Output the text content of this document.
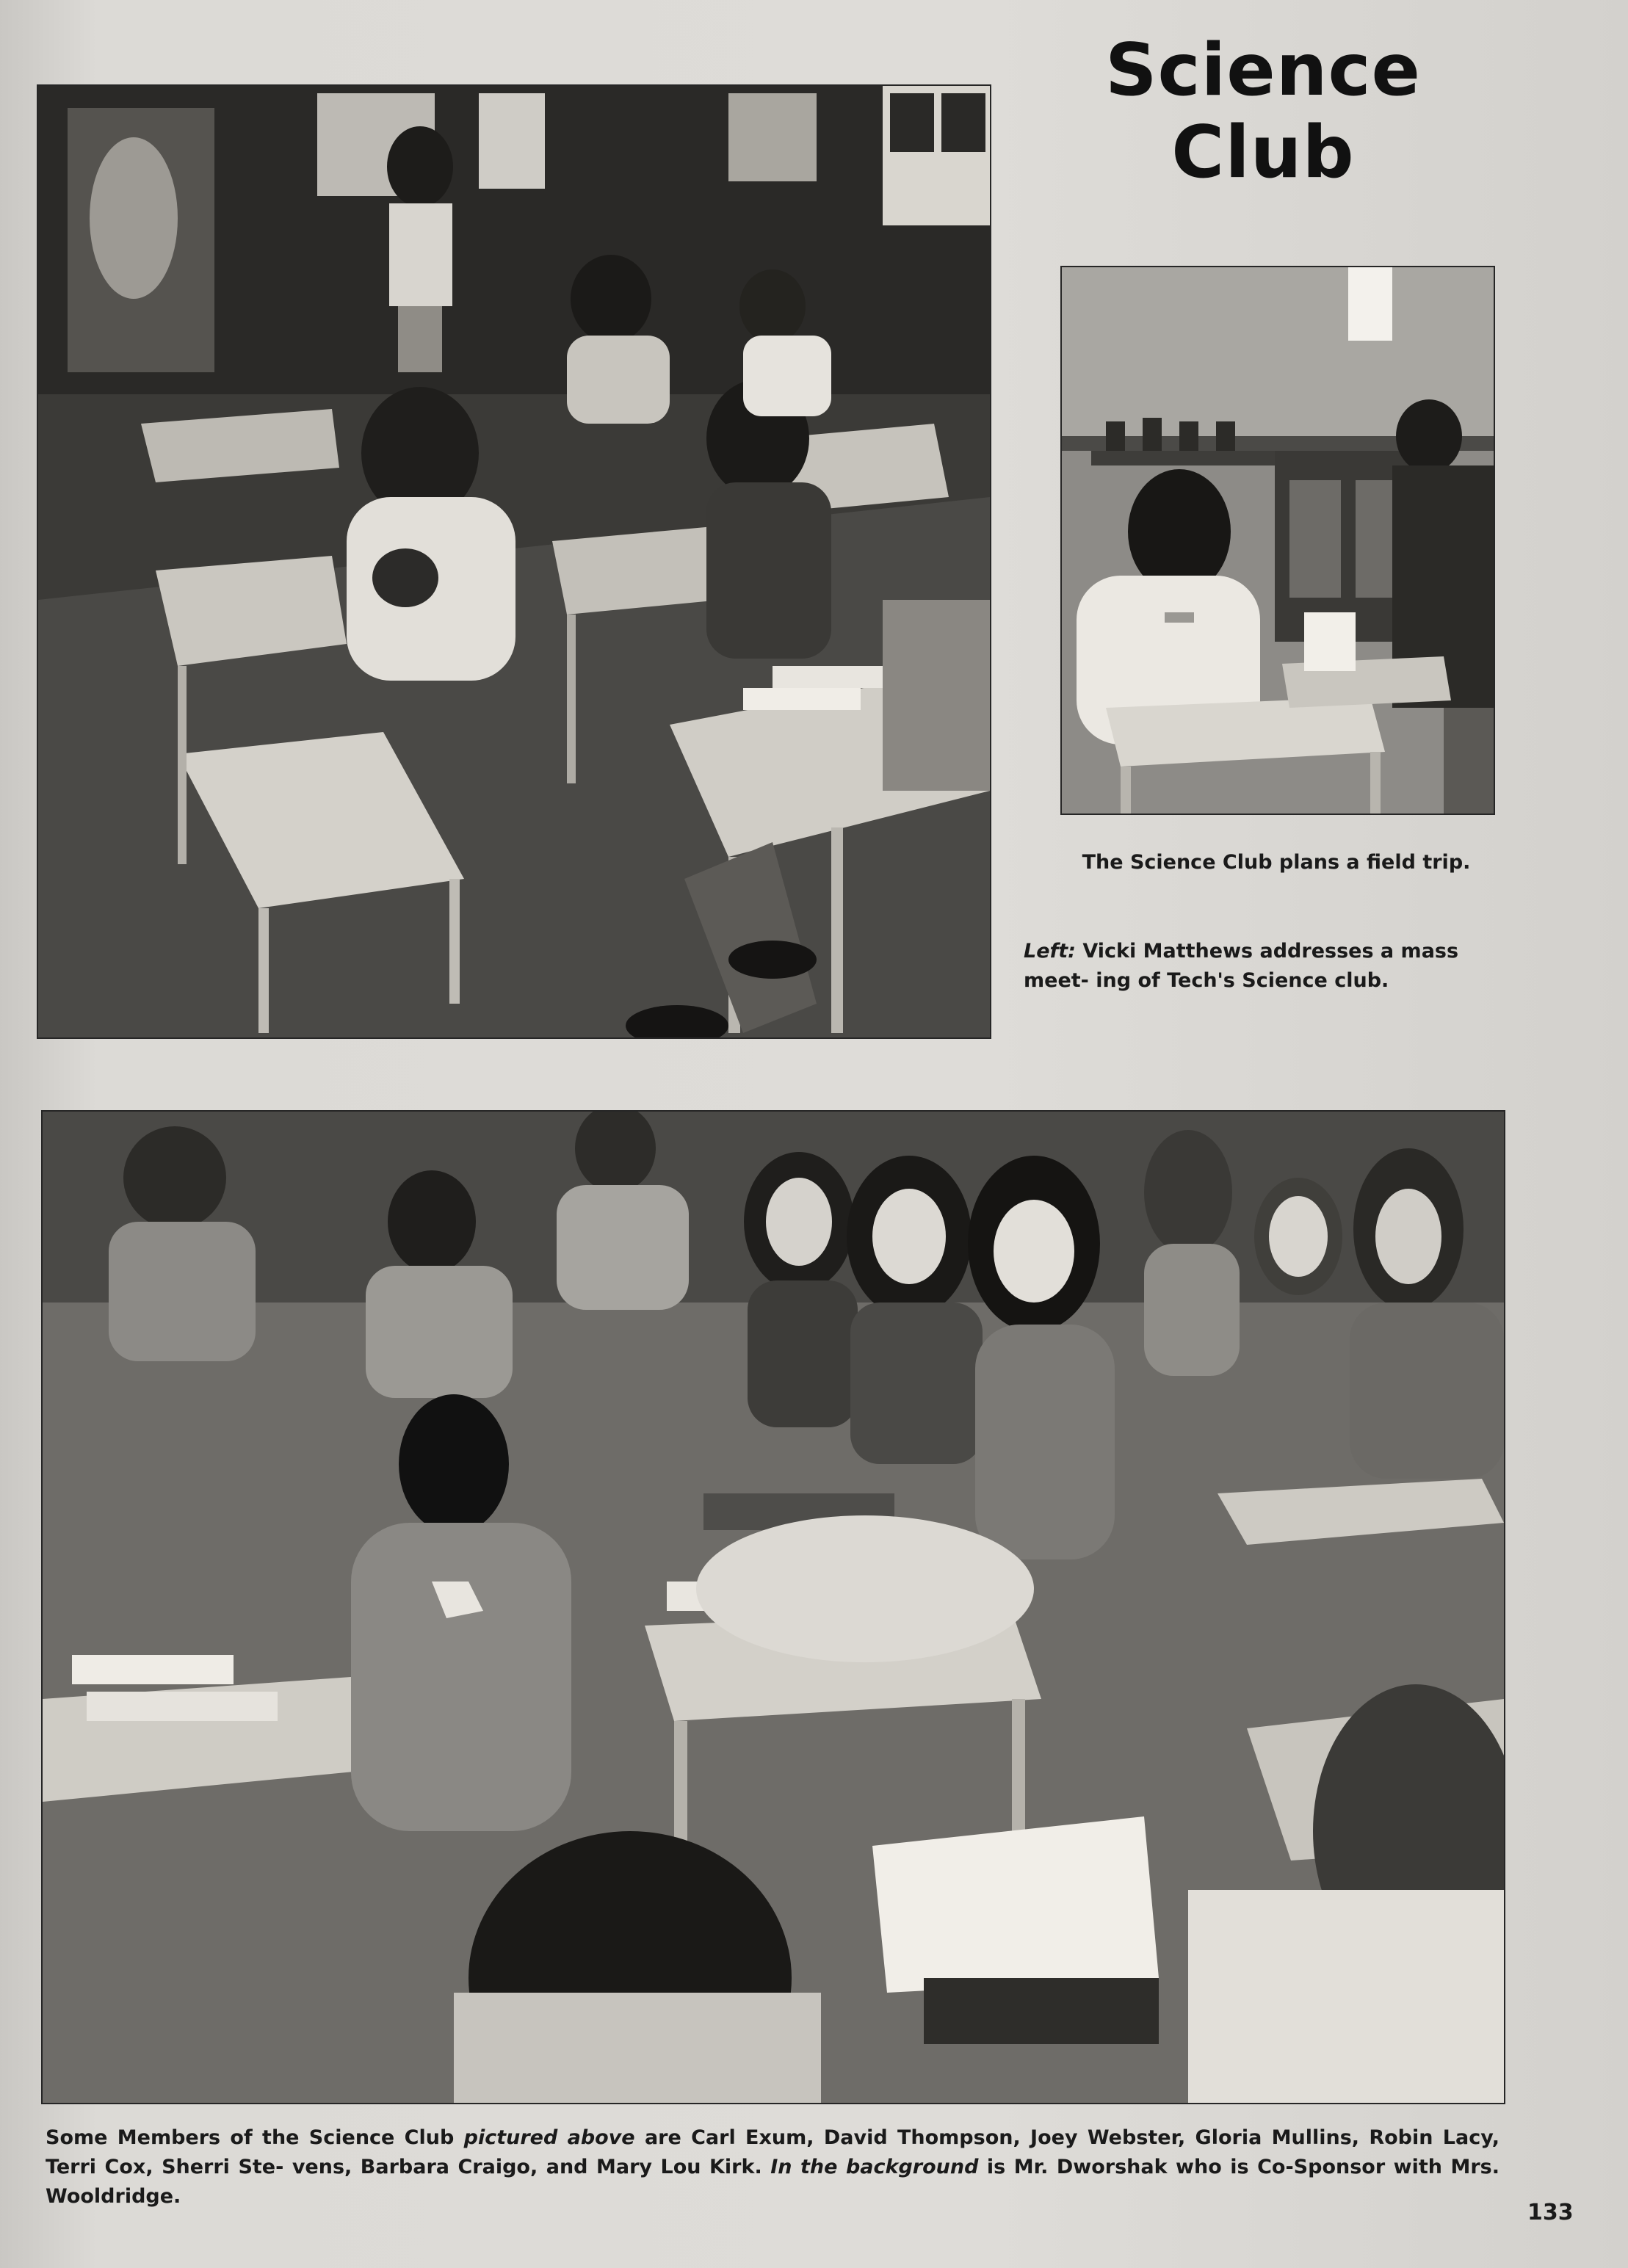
Science
Club
The Science Club plans a field trip.
Left: Vicki Matthews addresses a mass meet- ing of Tech's Science club.
Some Members of the Science Club pictured above are Carl Exum, David Thompson, Joey Webster, Gloria Mullins, Robin Lacy, Terri Cox, Sherri Ste- vens, Barbara Craigo, and Mary Lou Kirk. In the background is Mr. Dworshak who is Co-Sponsor with Mrs. Wooldridge.
133
